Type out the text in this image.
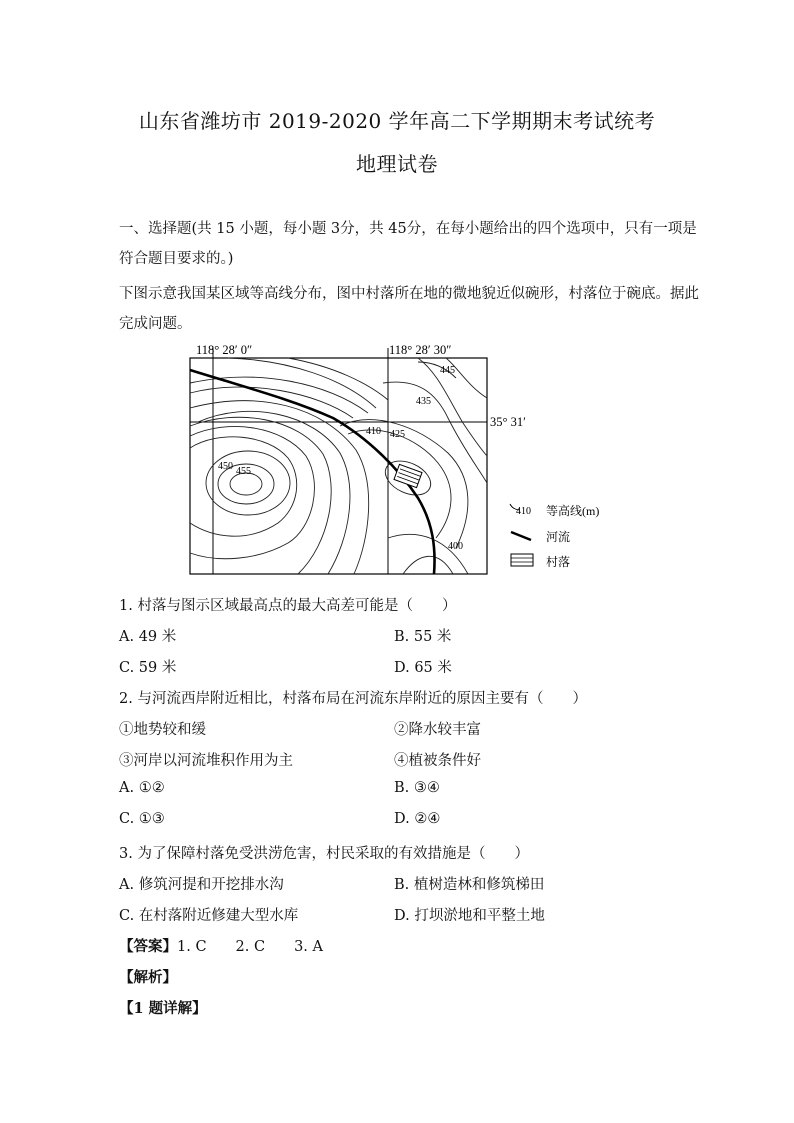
山东省潍坊市 2019-2020 学年高二下学期期末考试统考
地理试卷
一、选择题(共 15 小题，每小题 3分，共 45分，在每小题给出的四个选项中，只有一项是
符合题目要求的。)
下图示意我国某区域等高线分布，图中村落所在地的微地貌近似碗形，村落位于碗底。据此
完成问题。
118° 28′ 0″	118° 28′ 30″
35° 31′
445
435
425
410
450 455
400
410 等高线(m)
河流
村落
1. 村落与图示区域最高点的最大高差可能是（　　）
A. 49 米	B. 55 米
C. 59 米	D. 65 米
2. 与河流西岸附近相比，村落布局在河流东岸附近的原因主要有（　　）
①地势较和缓	②降水较丰富
③河岸以河流堆积作用为主	④植被条件好
A. ①②	B. ③④
C. ①③	D. ②④
3. 为了保障村落免受洪涝危害，村民采取的有效措施是（　　）
A. 修筑河提和开挖排水沟	B. 植树造林和修筑梯田
C. 在村落附近修建大型水库	D. 打坝淤地和平整土地
【答案】1. C　　2. C　　3. A
【解析】
【1 题详解】
